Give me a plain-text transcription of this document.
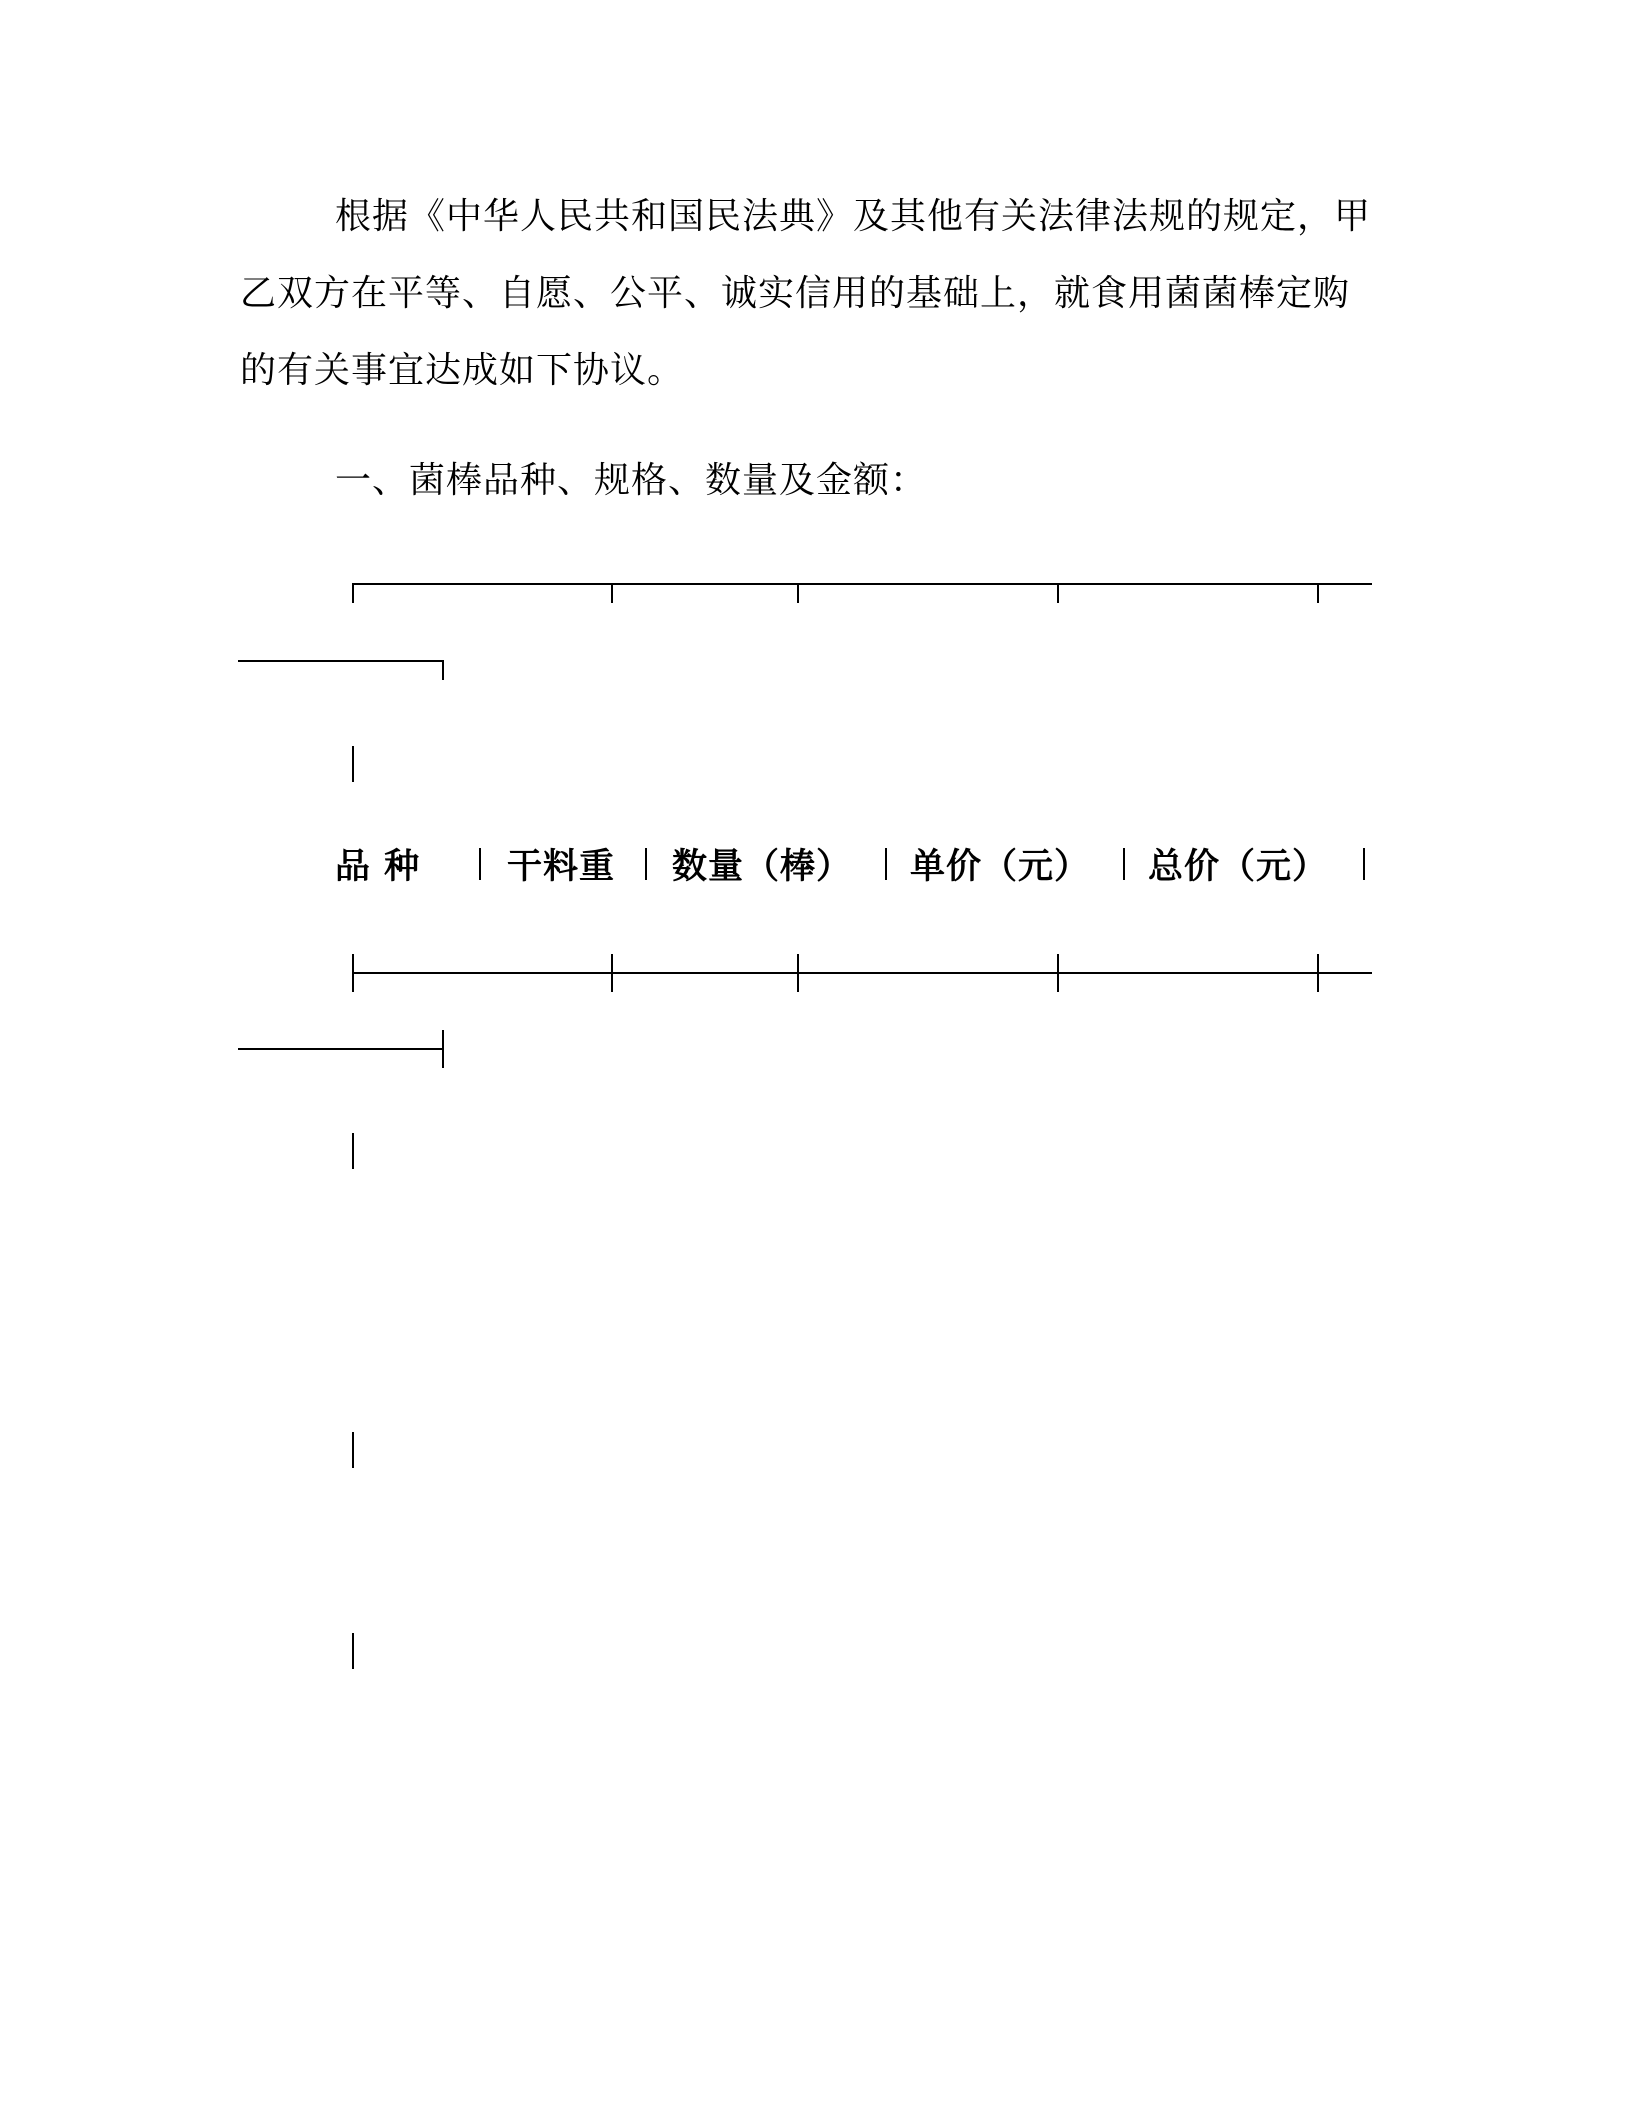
根据《中华人民共和国民法典》及其他有关法律法规的规定，甲乙双方在平等、自愿、公平、诚实信用的基础上，就食用菌菌棒定购的有关事宜达成如下协议。

一、菌棒品种、规格、数量及金额：

品 种 干料重 数量（棒） 单价（元） 总价（元）
